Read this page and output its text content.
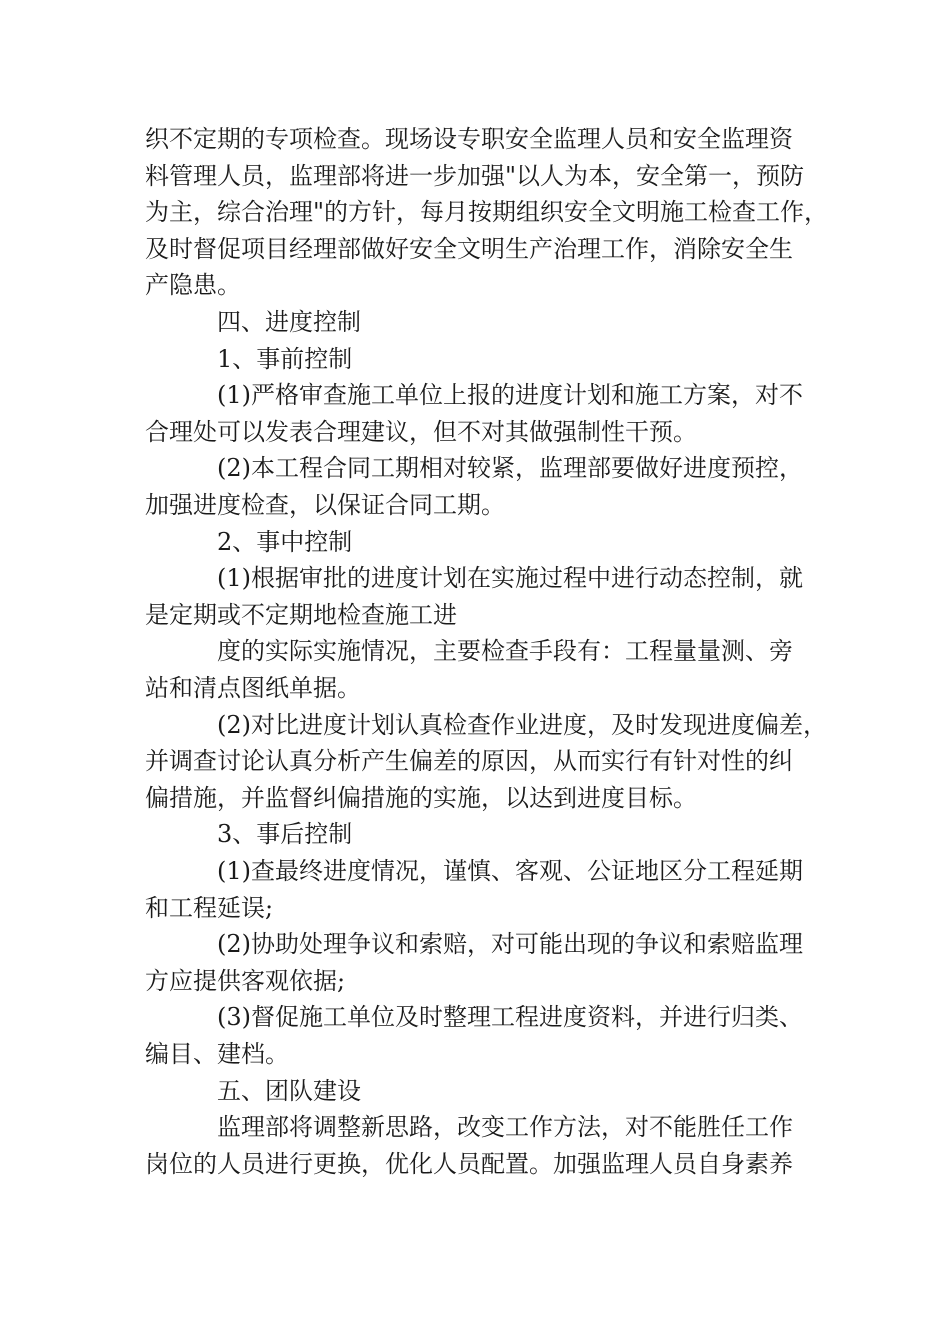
织不定期的专项检查。现场设专职安全监理人员和安全监理资
料管理人员，监理部将进一步加强"以人为本，安全第一，预防
为主，综合治理"的方针，每月按期组织安全文明施工检查工作，
及时督促项目经理部做好安全文明生产治理工作，消除安全生
产隐患。
四、进度控制
1、事前控制
(1)严格审查施工单位上报的进度计划和施工方案，对不
合理处可以发表合理建议，但不对其做强制性干预。
(2)本工程合同工期相对较紧，监理部要做好进度预控，
加强进度检查，以保证合同工期。
2、事中控制
(1)根据审批的进度计划在实施过程中进行动态控制，就
是定期或不定期地检查施工进
度的实际实施情况，主要检查手段有：工程量量测、旁
站和清点图纸单据。
(2)对比进度计划认真检查作业进度，及时发现进度偏差，
并调查讨论认真分析产生偏差的原因，从而实行有针对性的纠
偏措施，并监督纠偏措施的实施，以达到进度目标。
3、事后控制
(1)查最终进度情况，谨慎、客观、公证地区分工程延期
和工程延误;
(2)协助处理争议和索赔，对可能出现的争议和索赔监理
方应提供客观依据;
(3)督促施工单位及时整理工程进度资料，并进行归类、
编目、建档。
五、团队建设
监理部将调整新思路，改变工作方法，对不能胜任工作
岗位的人员进行更换，优化人员配置。加强监理人员自身素养
